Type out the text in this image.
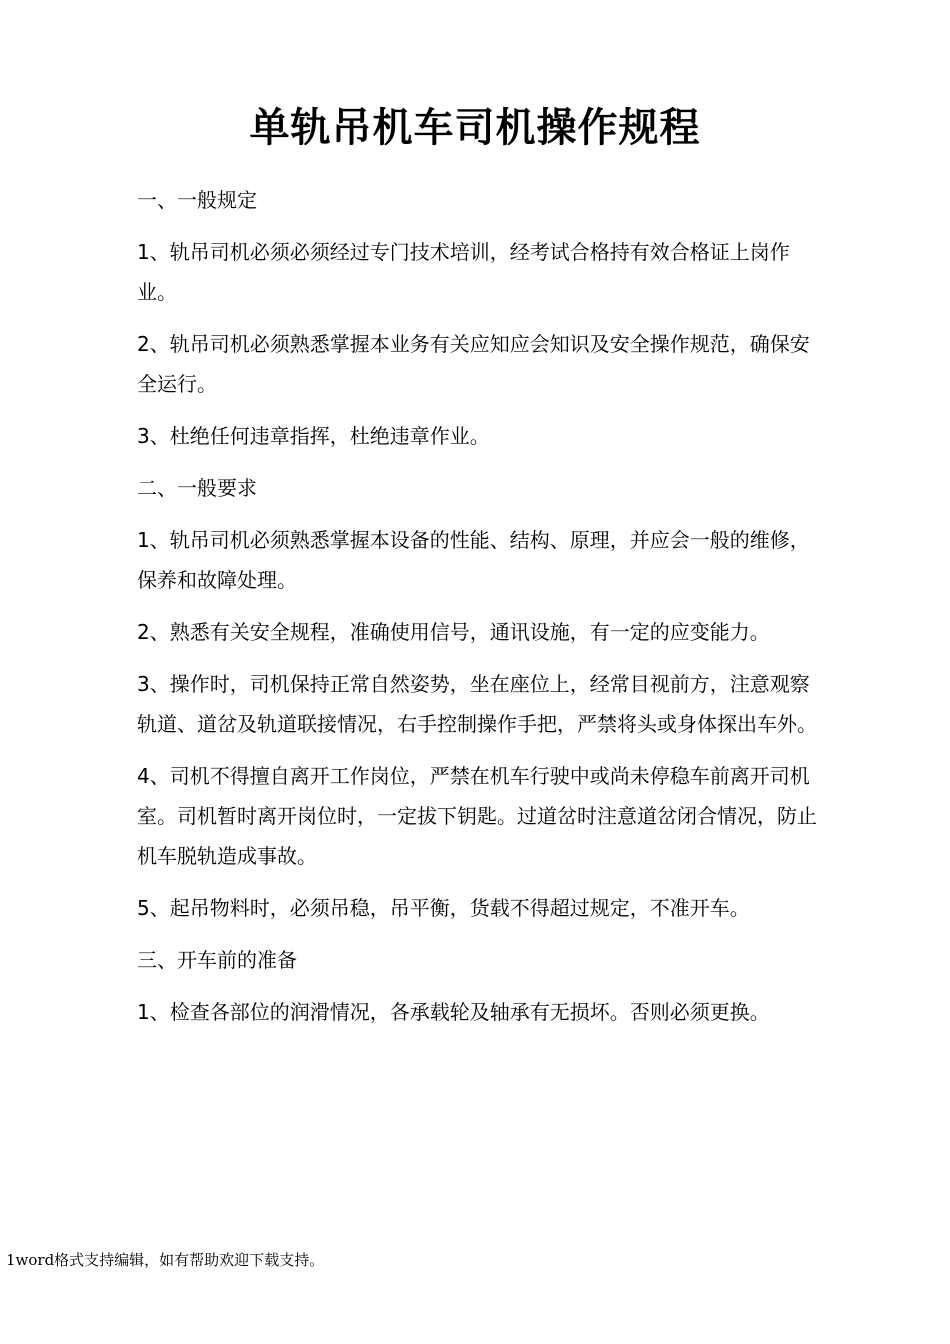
单轨吊机车司机操作规程

一、一般规定

1、轨吊司机必须必须经过专门技术培训，经考试合格持有效合格证上岗作业。

2、轨吊司机必须熟悉掌握本业务有关应知应会知识及安全操作规范，确保安全运行。

3、杜绝任何违章指挥，杜绝违章作业。

二、一般要求

1、轨吊司机必须熟悉掌握本设备的性能、结构、原理，并应会一般的维修，保养和故障处理。

2、熟悉有关安全规程，准确使用信号，通讯设施，有一定的应变能力。

3、操作时，司机保持正常自然姿势，坐在座位上，经常目视前方，注意观察轨道、道岔及轨道联接情况，右手控制操作手把，严禁将头或身体探出车外。

4、司机不得擅自离开工作岗位，严禁在机车行驶中或尚未停稳车前离开司机室。司机暂时离开岗位时，一定拔下钥匙。过道岔时注意道岔闭合情况，防止机车脱轨造成事故。

5、起吊物料时，必须吊稳，吊平衡，货载不得超过规定，不准开车。

三、开车前的准备

1、检查各部位的润滑情况，各承载轮及轴承有无损坏。否则必须更换。

1word格式支持编辑，如有帮助欢迎下载支持。
